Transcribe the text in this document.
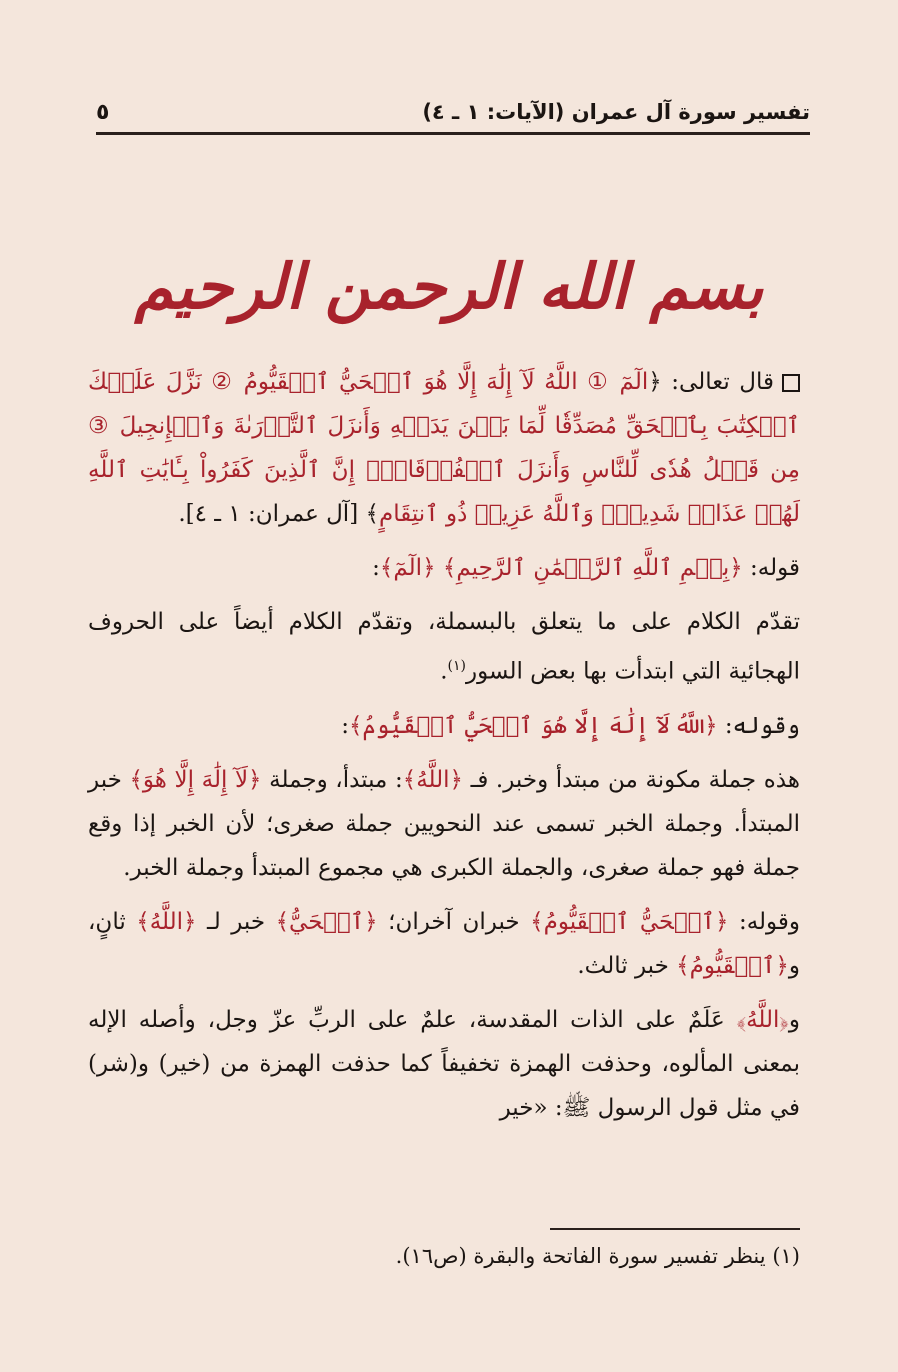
تفسير سورة آل عمران (الآيات: ١ ـ ٤)
٥
بسم الله الرحمن الرحيم

قال تعالى: ﴿الٓمٓ ① اللَّهُ لَآ إِلَٰهَ إِلَّا هُوَ ٱلۡحَيُّ ٱلۡقَيُّومُ ② نَزَّلَ عَلَيۡكَ ٱلۡكِتَٰبَ بِٱلۡحَقِّ مُصَدِّقٗا لِّمَا بَيۡنَ يَدَيۡهِ وَأَنزَلَ ٱلتَّوۡرَىٰةَ وَٱلۡإِنجِيلَ ③ مِن قَبۡلُ هُدٗى لِّلنَّاسِ وَأَنزَلَ ٱلۡفُرۡقَانَۗ إِنَّ ٱلَّذِينَ كَفَرُواْ بِـَٔايَٰتِ ٱللَّهِ لَهُمۡ عَذَابٞ شَدِيدٞۗ وَٱللَّهُ عَزِيزٞ ذُو ٱنتِقَامٍ﴾ [آل عمران: ١ ـ ٤].

قوله: ﴿بِسۡمِ ٱللَّهِ ٱلرَّحۡمَٰنِ ٱلرَّحِيمِ﴾ ﴿الٓمٓ﴾:

تقدّم الكلام على ما يتعلق بالبسملة، وتقدّم الكلام أيضاً على الحروف الهجائية التي ابتدأت بها بعض السور$^{(١)}$.

وقوله: ﴿اللَّهُ لَآ إِلَٰهَ إِلَّا هُوَ ٱلۡحَيُّ ٱلۡقَيُّومُ﴾:

هذه جملة مكونة من مبتدأ وخبر. فـ ﴿اللَّهُ﴾: مبتدأ، وجملة ﴿لَآ إِلَٰهَ إِلَّا هُوَ﴾ خبر المبتدأ. وجملة الخبر تسمى عند النحويين جملة صغرى؛ لأن الخبر إذا وقع جملة فهو جملة صغرى، والجملة الكبرى هي مجموع المبتدأ وجملة الخبر.

وقوله: ﴿ٱلۡحَيُّ ٱلۡقَيُّومُ﴾ خبران آخران؛ ﴿ٱلۡحَيُّ﴾ خبر لـ ﴿اللَّهُ﴾ ثانٍ، و﴿ٱلۡقَيُّومُ﴾ خبر ثالث.

و﴿اللَّهُ﴾ عَلَمٌ على الذات المقدسة، علمٌ على الربِّ عزّ وجل، وأصله الإله بمعنى المألوه، وحذفت الهمزة تخفيفاً كما حذفت الهمزة من (خير) و(شر) في مثل قول الرسول ﷺ: «خير

(١) ينظر تفسير سورة الفاتحة والبقرة (ص١٦).
